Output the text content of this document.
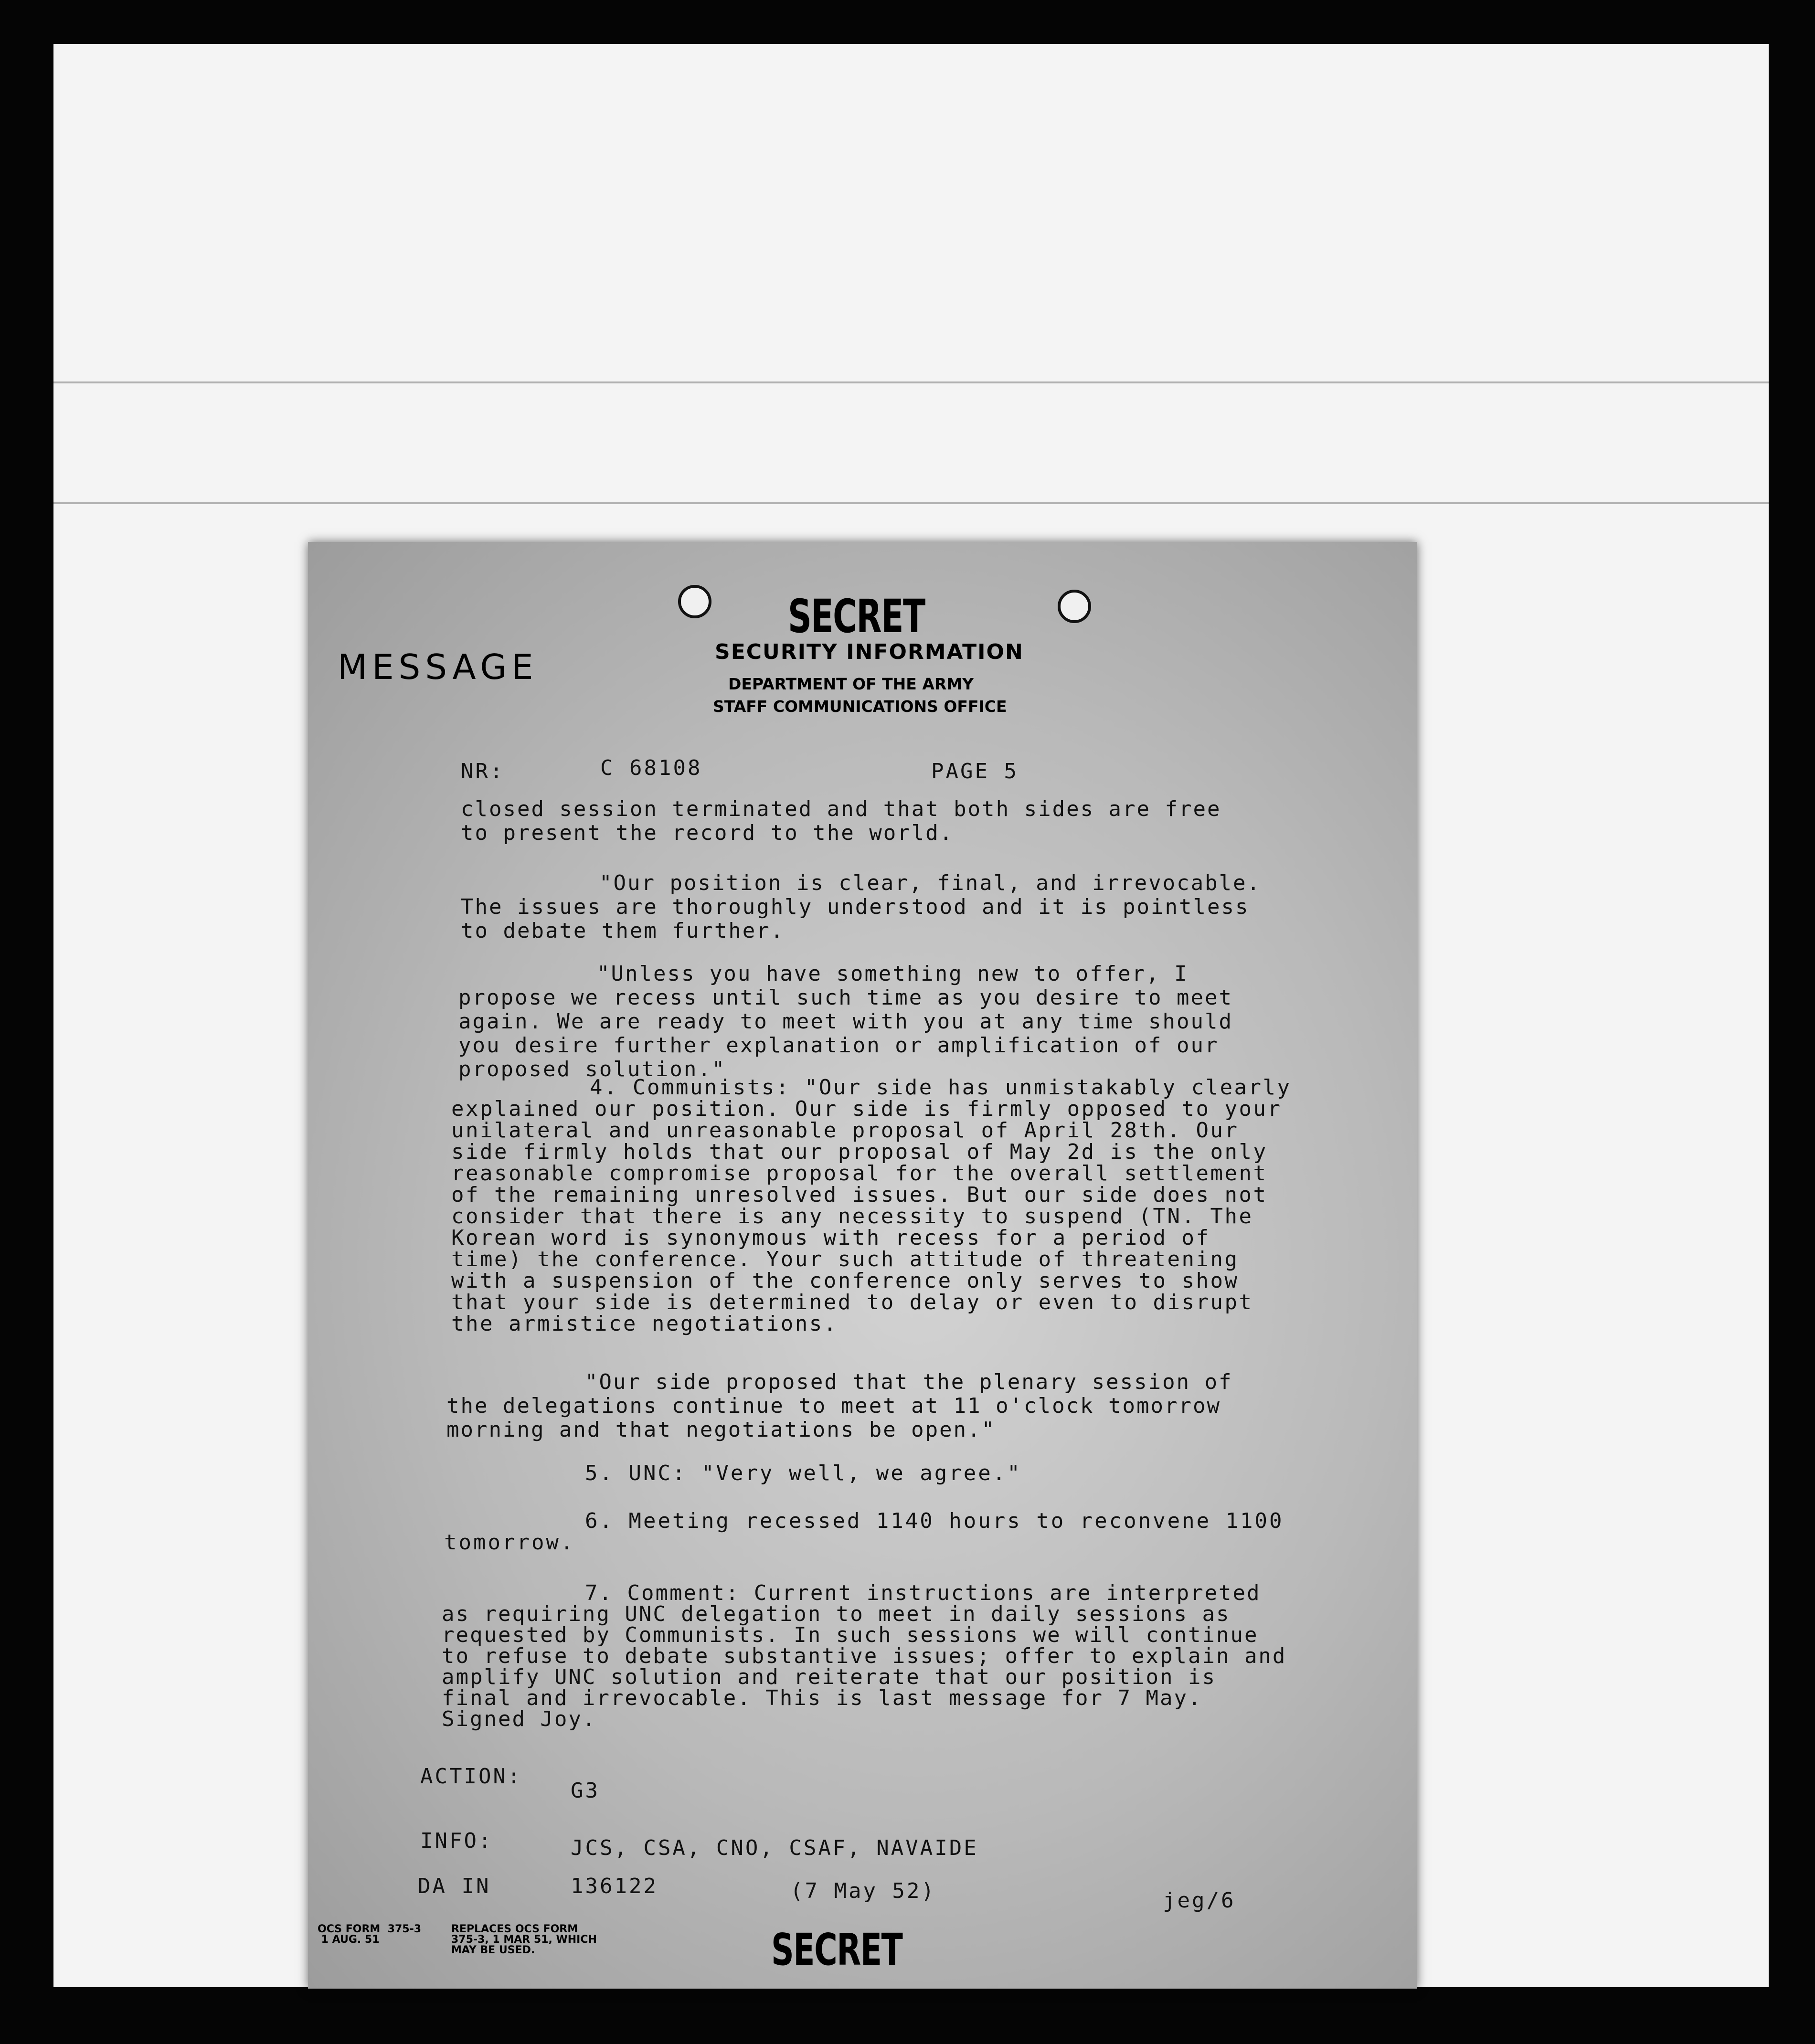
SECRET
MESSAGE	SECURITY INFORMATION
DEPARTMENT OF THE ARMY
STAFF COMMUNICATIONS OFFICE
NR:	C 68108	PAGE 5
closed session terminated and that both sides are free to present the record to the world.
"Our position is clear, final, and irrevocable. The issues are thoroughly understood and it is pointless to debate them further.
"Unless you have something new to offer, I propose we recess until such time as you desire to meet again. We are ready to meet with you at any time should you desire further explanation or amplification of our proposed solution."
4. Communists: "Our side has unmistakably clearly explained our position. Our side is firmly opposed to your unilateral and unreasonable proposal of April 28th. Our side firmly holds that our proposal of May 2d is the only reasonable compromise proposal for the overall settlement of the remaining unresolved issues. But our side does not consider that there is any necessity to suspend (TN. The Korean word is synonymous with recess for a period of time) the conference. Your such attitude of threatening with a suspension of the conference only serves to show that your side is determined to delay or even to disrupt the armistice negotiations.
"Our side proposed that the plenary session of the delegations continue to meet at 11 o'clock tomorrow morning and that negotiations be open."
5. UNC: "Very well, we agree."
6. Meeting recessed 1140 hours to reconvene 1100
tomorrow.
7. Comment: Current instructions are interpreted as requiring UNC delegation to meet in daily sessions as requested by Communists. In such sessions we will continue to refuse to debate substantive issues; offer to explain and amplify UNC solution and reiterate that our position is final and irrevocable. This is last message for 7 May. Signed Joy.
ACTION:
G3
INFO:	JCS, CSA, CNO, CSAF, NAVAIDE
DA IN	136122	(7 May 52)	jeg/6
OCS FORM  375-3
1 AUG. 51
REPLACES OCS FORM
375-3, 1 MAR 51, WHICH
MAY BE USED.	SECRET
